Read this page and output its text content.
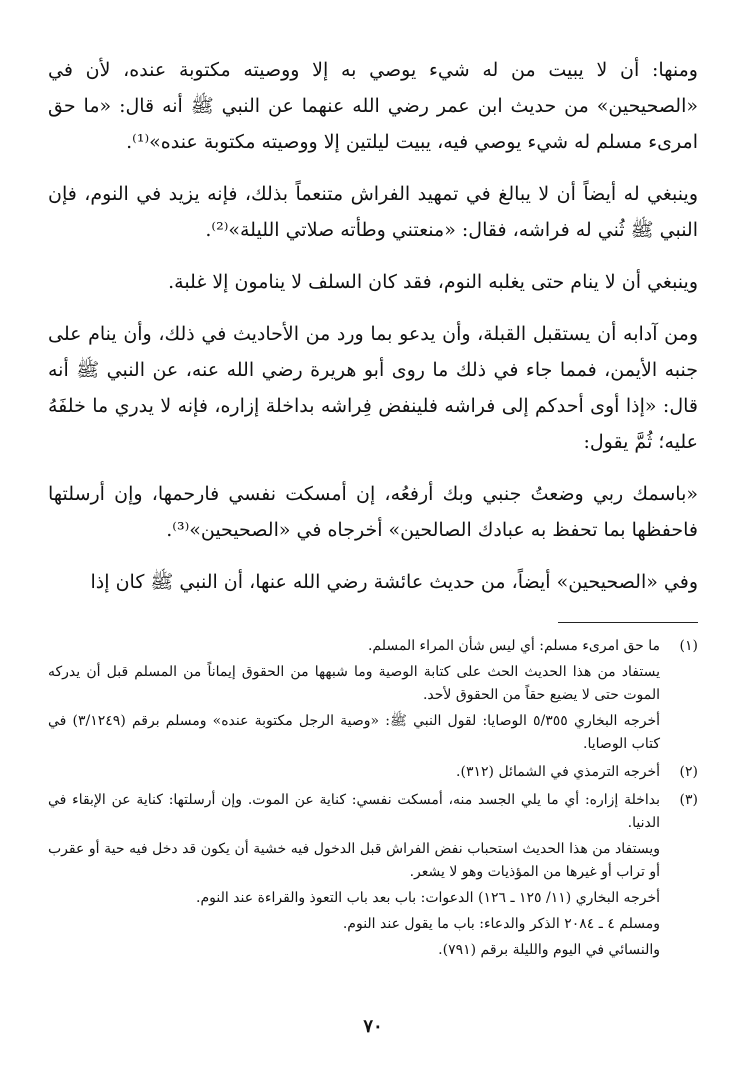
ومنها: أن لا يبيت من له شيء يوصي به إلا ووصيته مكتوبة عنده، لأن في «الصحيحين» من حديث ابن عمر رضي الله عنهما عن النبي ﷺ أنه قال: «ما حق امرىء مسلم له شيء يوصي فيه، يبيت ليلتين إلا ووصيته مكتوبة عنده»⁽¹⁾.

وينبغي له أيضاً أن لا يبالغ في تمهيد الفراش متنعماً بذلك، فإنه يزيد في النوم، فإن النبي ﷺ ثُني له فراشه، فقال: «منعتني وطأته صلاتي الليلة»⁽²⁾.

وينبغي أن لا ينام حتى يغلبه النوم، فقد كان السلف لا ينامون إلا غلبة.

ومن آدابه أن يستقبل القبلة، وأن يدعو بما ورد من الأحاديث في ذلك، وأن ينام على جنبه الأيمن، فمما جاء في ذلك ما روى أبو هريرة رضي الله عنه، عن النبي ﷺ أنه قال: «إذا أوى أحدكم إلى فراشه فلينفض فِراشه بداخلة إزاره، فإنه لا يدري ما خلفَهُ عليه؛ ثُمَّ يقول:

«باسمك ربي وضعتُ جنبي وبك أرفعُه، إن أمسكت نفسي فارحمها، وإن أرسلتها فاحفظها بما تحفظ به عبادك الصالحين» أخرجاه في «الصحيحين»⁽³⁾.

وفي «الصحيحين» أيضاً، من حديث عائشة رضي الله عنها، أن النبي ﷺ كان إذا

(١)
ما حق امرىء مسلم: أي ليس شأن المراء المسلم.
يستفاد من هذا الحديث الحث على كتابة الوصية وما شبهها من الحقوق إيماناً من المسلم قبل أن يدركه الموت حتى لا يضيع حقاً من الحقوق لأحد.
أخرجه البخاري ٥/٣٥٥ الوصايا: لقول النبي ﷺ: «وصية الرجل مكتوبة عنده» ومسلم برقم (٣/١٢٤٩) في كتاب الوصايا.
(٢)
أخرجه الترمذي في الشمائل (٣١٢).
(٣)
بداخلة إزاره: أي ما يلي الجسد منه، أمسكت نفسي: كناية عن الموت. وإن أرسلتها: كناية عن الإبقاء في الدنيا.
ويستفاد من هذا الحديث استحباب نفض الفراش قبل الدخول فيه خشية أن يكون قد دخل فيه حية أو عقرب أو تراب أو غيرها من المؤذيات وهو لا يشعر.
أخرجه البخاري (١١/ ١٢٥ ـ ١٢٦) الدعوات: باب بعد باب التعوذ والقراءة عند النوم.
ومسلم ٤ ـ ٢٠٨٤ الذكر والدعاء: باب ما يقول عند النوم.
والنسائي في اليوم والليلة برقم (٧٩١).
٧٠
